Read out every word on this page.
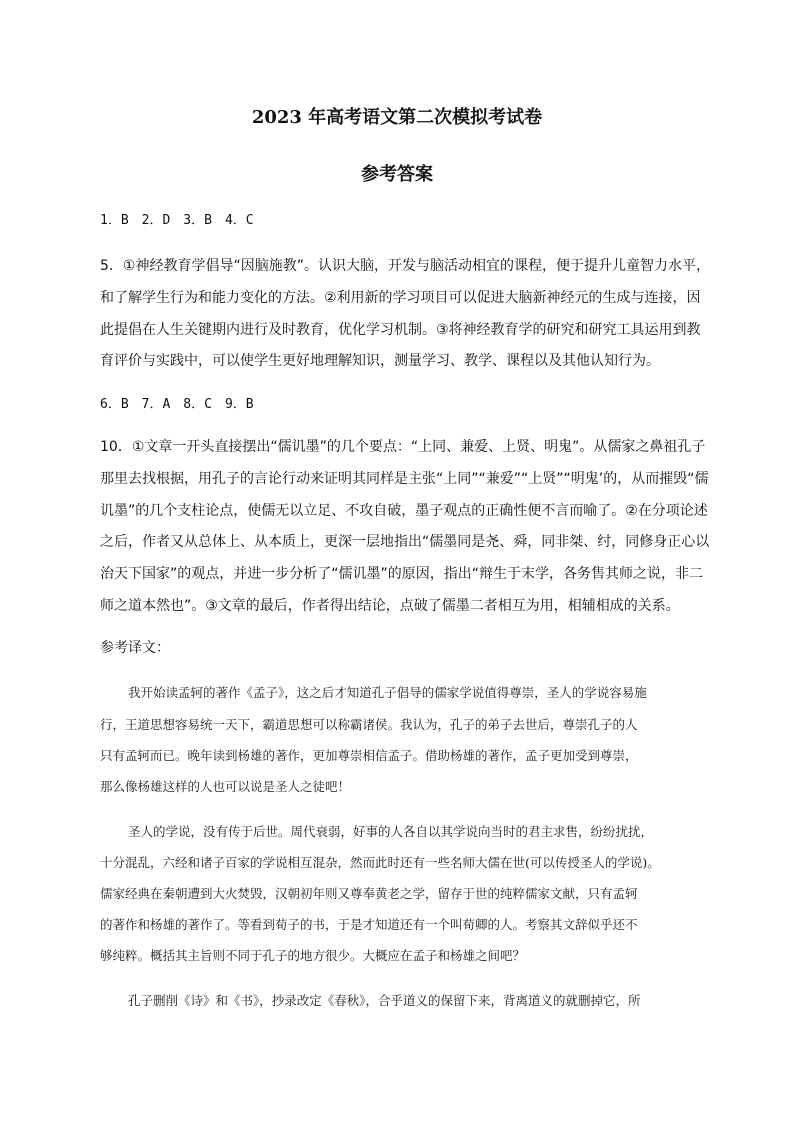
2023 年高考语文第二次模拟考试卷
参考答案
1．B　2．D　3．B　4．C
5．①神经教育学倡导“因脑施教”。认识大脑，开发与脑活动相宜的课程，便于提升儿童智力水平，
和了解学生行为和能力变化的方法。②利用新的学习项目可以促进大脑新神经元的生成与连接，因
此提倡在人生关键期内进行及时教育，优化学习机制。③将神经教育学的研究和研究工具运用到教
育评价与实践中，可以使学生更好地理解知识，测量学习、教学、课程以及其他认知行为。
6．B　7．A　8．C　9．B
10．①文章一开头直接摆出“儒讥墨”的几个要点：“上同、兼爱、上贤、明鬼”。从儒家之鼻祖孔子
那里去找根据，用孔子的言论行动来证明其同样是主张“上同”“兼爱”“上贤”“明鬼’的，从而摧毁“儒
讥墨”的几个支柱论点，使儒无以立足、不攻自破，墨子观点的正确性便不言而喻了。②在分项论述
之后，作者又从总体上、从本质上，更深一层地指出“儒墨同是尧、舜，同非桀、纣，同修身正心以
治天下国家”的观点，并进一步分析了“儒讥墨”的原因，指出“辩生于末学，各务售其师之说，非二
师之道本然也”。③文章的最后，作者得出结论，点破了儒墨二者相互为用，相辅相成的关系。
参考译文：
我开始读孟轲的著作《孟子》，这之后才知道孔子倡导的儒家学说值得尊崇，圣人的学说容易施
行，王道思想容易统一天下，霸道思想可以称霸诸侯。我认为，孔子的弟子去世后，尊崇孔子的人
只有孟轲而已。晚年读到杨雄的著作，更加尊崇相信孟子。借助杨雄的著作，孟子更加受到尊崇，
那么像杨雄这样的人也可以说是圣人之徒吧！
圣人的学说，没有传于后世。周代衰弱，好事的人各自以其学说向当时的君主求售，纷纷扰扰，
十分混乱，六经和诸子百家的学说相互混杂，然而此时还有一些名师大儒在世(可以传授圣人的学说)。
儒家经典在秦朝遭到大火焚毁，汉朝初年则又尊奉黄老之学，留存于世的纯粹儒家文献，只有孟轲
的著作和杨雄的著作了。等看到荀子的书，于是才知道还有一个叫荀卿的人。考察其文辞似乎还不
够纯粹。概括其主旨则不同于孔子的地方很少。大概应在孟子和杨雄之间吧？
孔子删削《诗》和《书》，抄录改定《春秋》，合乎道义的保留下来，背离道义的就删掉它，所
